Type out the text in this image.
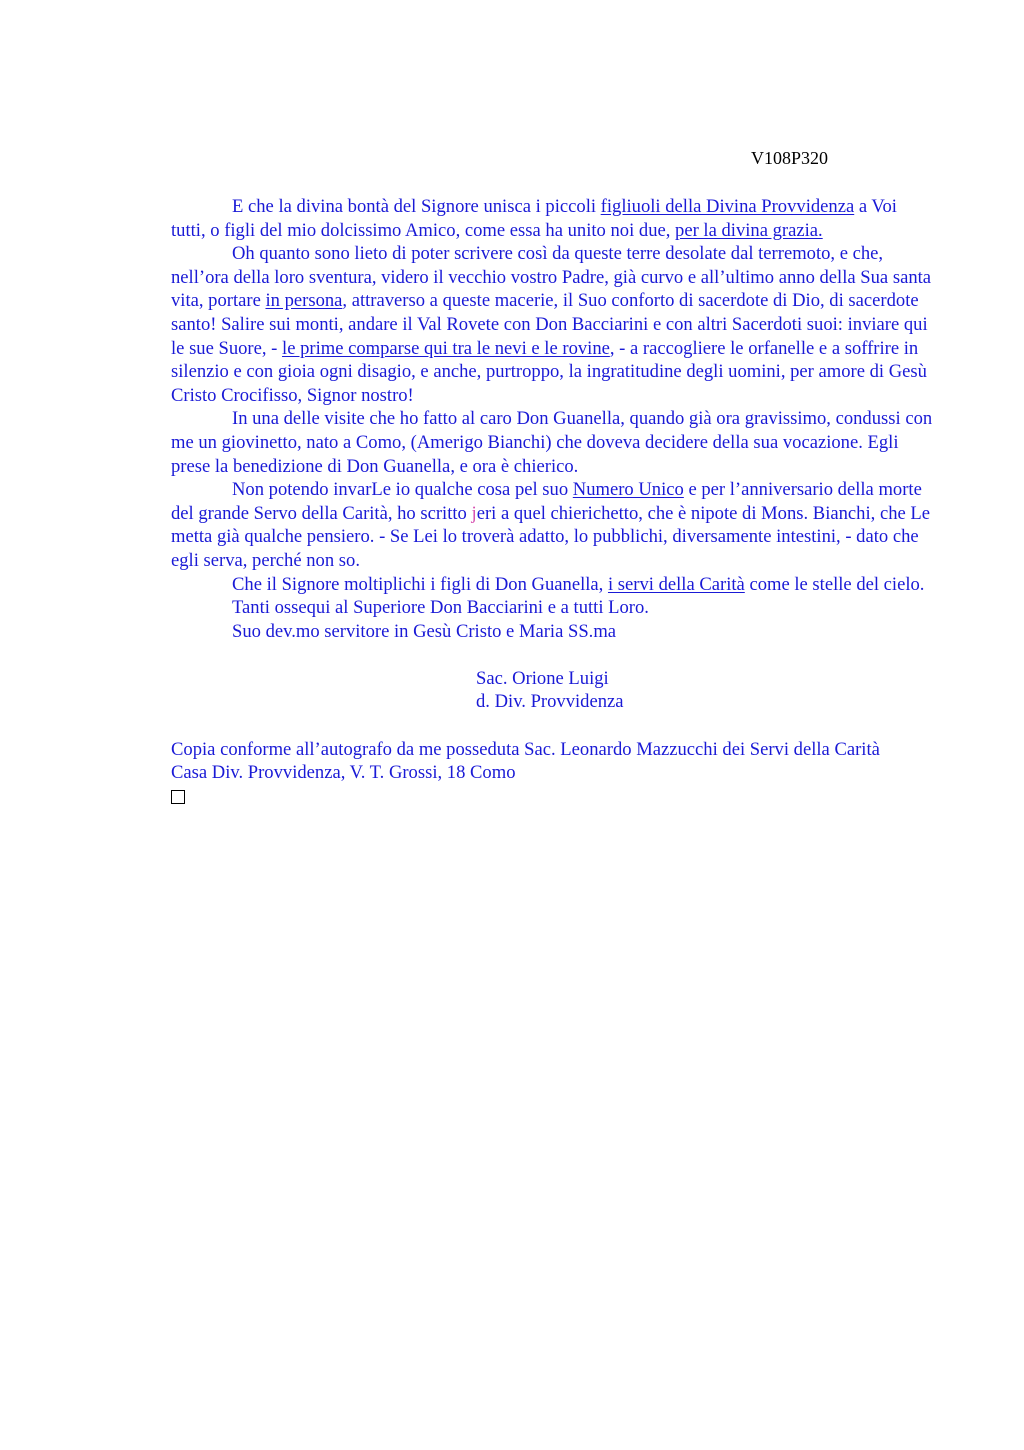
V108P320

E che la divina bontà del Signore unisca i piccoli figliuoli della Divina Provvidenza a Voi tutti, o figli del mio dolcissimo Amico, come essa ha unito noi due, per la divina grazia.

Oh quanto sono lieto di poter scrivere così da queste terre desolate dal terremoto, e che, nell’ora della loro sventura, videro il vecchio vostro Padre, già curvo e all’ultimo anno della Sua santa vita, portare in persona, attraverso a queste macerie, il Suo conforto di sacerdote di Dio, di sacerdote santo! Salire sui monti, andare il Val Rovete con Don Bacciarini e con altri Sacerdoti suoi: inviare qui le sue Suore, - le prime comparse qui tra le nevi e le rovine, - a raccogliere le orfanelle e a soffrire in silenzio e con gioia ogni disagio, e anche, purtroppo, la ingratitudine degli uomini, per amore di Gesù Cristo Crocifisso, Signor nostro!

In una delle visite che ho fatto al caro Don Guanella, quando già ora gravissimo, condussi con me un giovinetto, nato a Como, (Amerigo Bianchi) che doveva decidere della sua vocazione. Egli prese la benedizione di Don Guanella, e ora è chierico.

Non potendo invarLe io qualche cosa pel suo Numero Unico e per l’anniversario della morte del grande Servo della Carità, ho scritto jeri a quel chierichetto, che è nipote di Mons. Bianchi, che Le metta già qualche pensiero. - Se Lei lo troverà adatto, lo pubblichi, diversamente intestini, - dato che egli serva, perché non so.

Che il Signore moltiplichi i figli di Don Guanella, i servi della Carità come le stelle del cielo.

Tanti ossequi al Superiore Don Bacciarini e a tutti Loro.

Suo dev.mo servitore in Gesù Cristo e Maria SS.ma

Sac. Orione Luigi

d. Div. Provvidenza

Copia conforme all’autografo da me posseduta Sac. Leonardo Mazzucchi dei Servi della Carità

Casa Div. Provvidenza, V. T. Grossi, 18 Como
